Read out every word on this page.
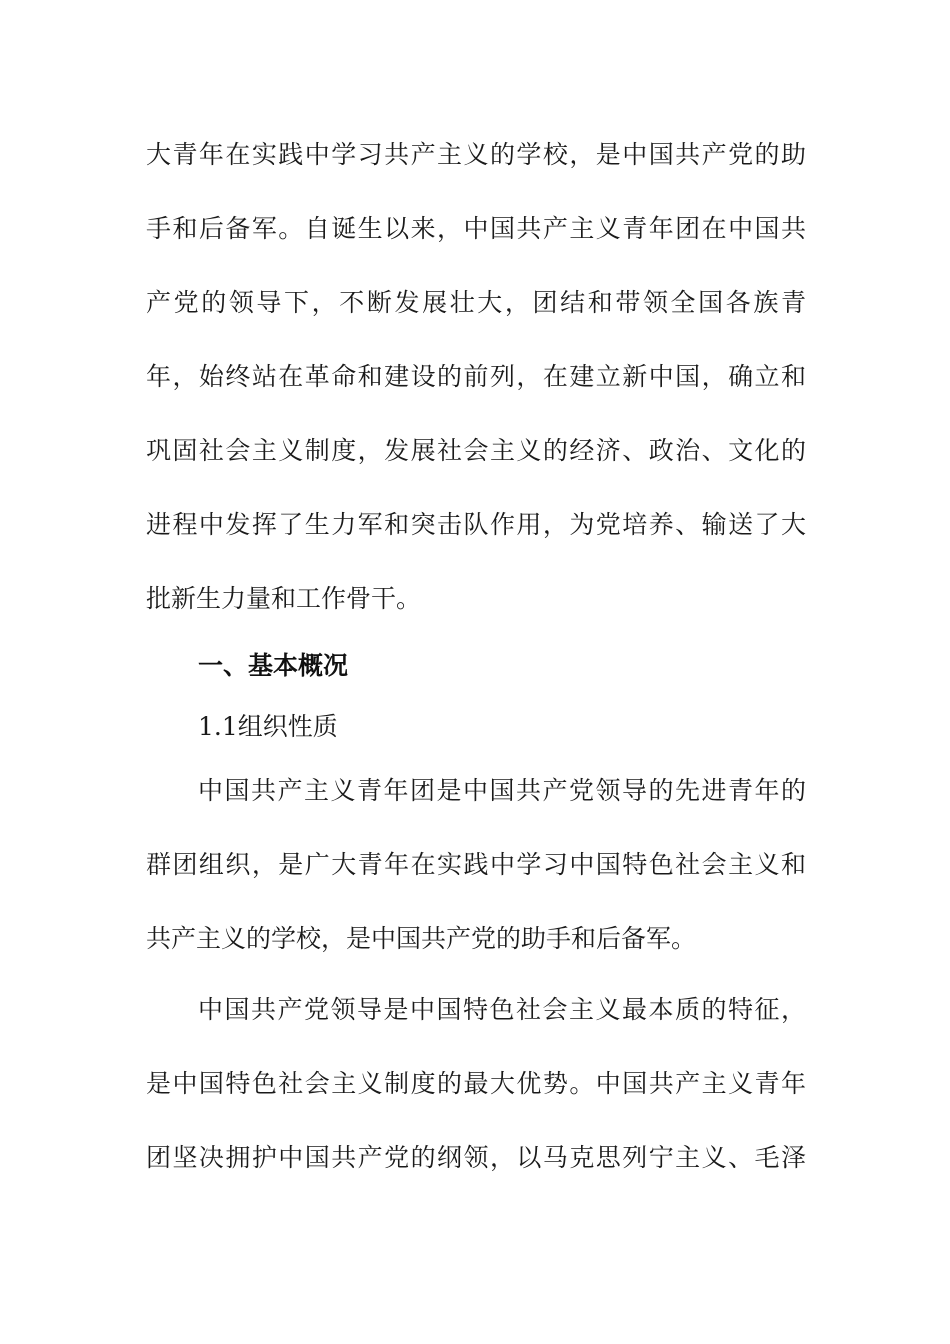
大青年在实践中学习共产主义的学校，是中国共产党的助
手和后备军。自诞生以来，中国共产主义青年团在中国共
产党的领导下，不断发展壮大，团结和带领全国各族青
年，始终站在革命和建设的前列，在建立新中国，确立和
巩固社会主义制度，发展社会主义的经济、政治、文化的
进程中发挥了生力军和突击队作用，为党培养、输送了大
批新生力量和工作骨干。
一、基本概况
1.1组织性质
中国共产主义青年团是中国共产党领导的先进青年的
群团组织，是广大青年在实践中学习中国特色社会主义和
共产主义的学校，是中国共产党的助手和后备军。
中国共产党领导是中国特色社会主义最本质的特征，
是中国特色社会主义制度的最大优势。中国共产主义青年
团坚决拥护中国共产党的纲领，以马克思列宁主义、毛泽
